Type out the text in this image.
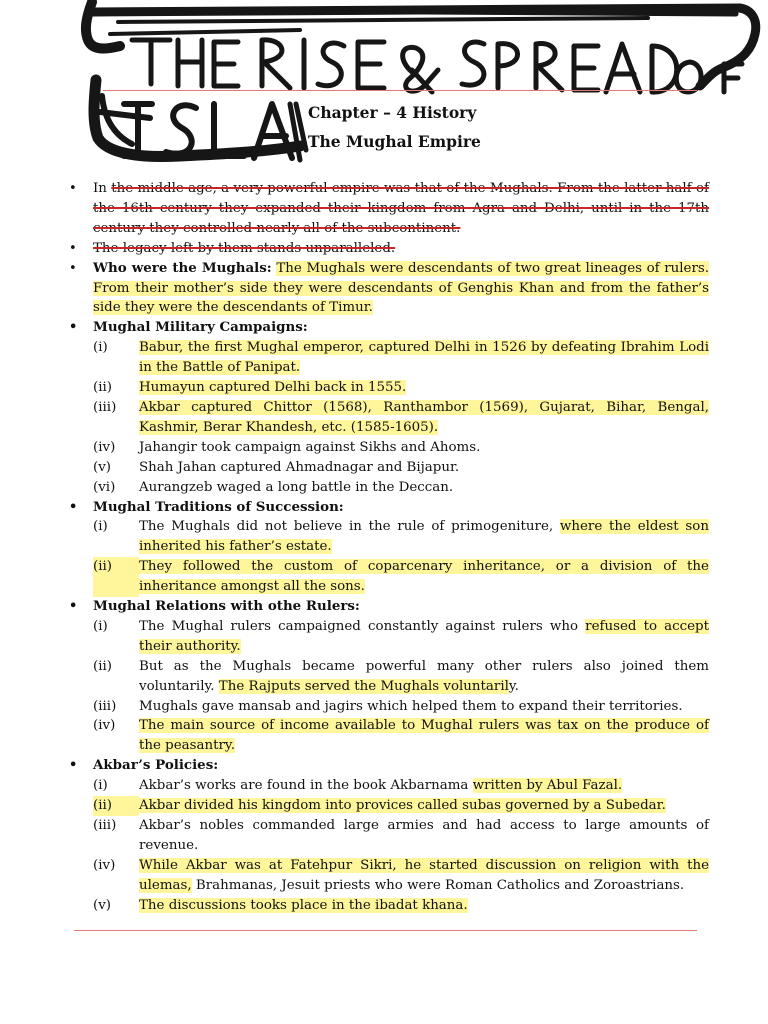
Chapter – 4 History
The Mughal Empire
• In the middle age, a very powerful empire was that of the Mughals. From the latter half of the 16th century they expanded their kingdom from Agra and Delhi, until in the 17th century they controlled nearly all of the subcontinent.
• The legacy left by them stands unparalleled.
• Who were the Mughals: The Mughals were descendants of two great lineages of rulers. From their mother’s side they were descendants of Genghis Khan and from the father’s side they were the descendants of Timur.
• Mughal Military Campaigns:
(i)	Babur, the first Mughal emperor, captured Delhi in 1526 by defeating Ibrahim Lodi in the Battle of Panipat.
(ii)	Humayun captured Delhi back in 1555.
(iii)	Akbar captured Chittor (1568), Ranthambor (1569), Gujarat, Bihar, Bengal, Kashmir, Berar Khandesh, etc. (1585-1605).
(iv)	Jahangir took campaign against Sikhs and Ahoms.
(v)	Shah Jahan captured Ahmadnagar and Bijapur.
(vi)	Aurangzeb waged a long battle in the Deccan.
• Mughal Traditions of Succession:
(i)	The Mughals did not believe in the rule of primogeniture, where the eldest son inherited his father’s estate.
(ii)	They followed the custom of coparcenary inheritance, or a division of the inheritance amongst all the sons.
• Mughal Relations with othe Rulers:
(i)	The Mughal rulers campaigned constantly against rulers who refused to accept their authority.
(ii)	But as the Mughals became powerful many other rulers also joined them voluntarily. The Rajputs served the Mughals voluntarily.
(iii)	Mughals gave mansab and jagirs which helped them to expand their territories.
(iv)	The main source of income available to Mughal rulers was tax on the produce of the peasantry.
• Akbar’s Policies:
(i)	Akbar’s works are found in the book Akbarnama written by Abul Fazal.
(ii)	Akbar divided his kingdom into provices called subas governed by a Subedar.
(iii)	Akbar’s nobles commanded large armies and had access to large amounts of revenue.
(iv)	While Akbar was at Fatehpur Sikri, he started discussion on religion with the ulemas, Brahmanas, Jesuit priests who were Roman Catholics and Zoroastrians.
(v)	The discussions tooks place in the ibadat khana.
